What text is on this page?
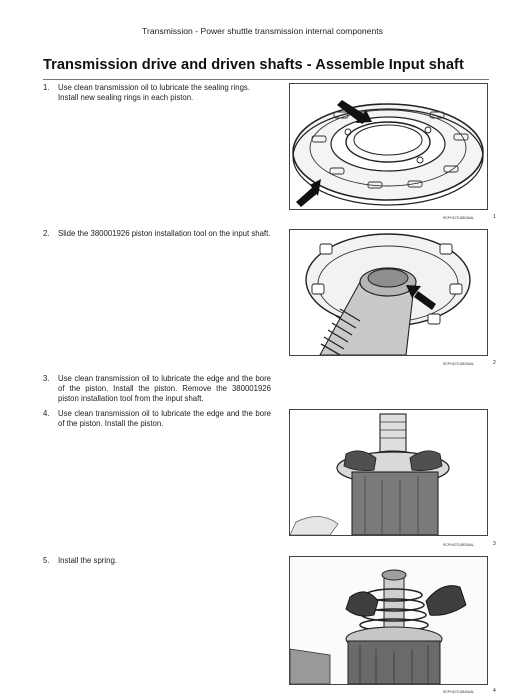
Transmission - Power shuttle transmission internal components
Transmission drive and driven shafts - Assemble Input shaft
1. Use clean transmission oil to lubricate the sealing rings. Install new sealing rings in each piston.
2. Slide the 380001926 piston installation tool on the input shaft.
3. Use clean transmission oil to lubricate the edge and the bore of the piston. Install the piston. Remove the 380001926 piston installation tool from the input shaft.
4. Use clean transmission oil to lubricate the edge and the bore of the piston. Install the piston.
5. Install the spring.
RCPH10TL8803AAL	1
RCPH10TL8820AAL	2
RCPH10TL8830AAL	3
RCPH10TL8840AAL	4
